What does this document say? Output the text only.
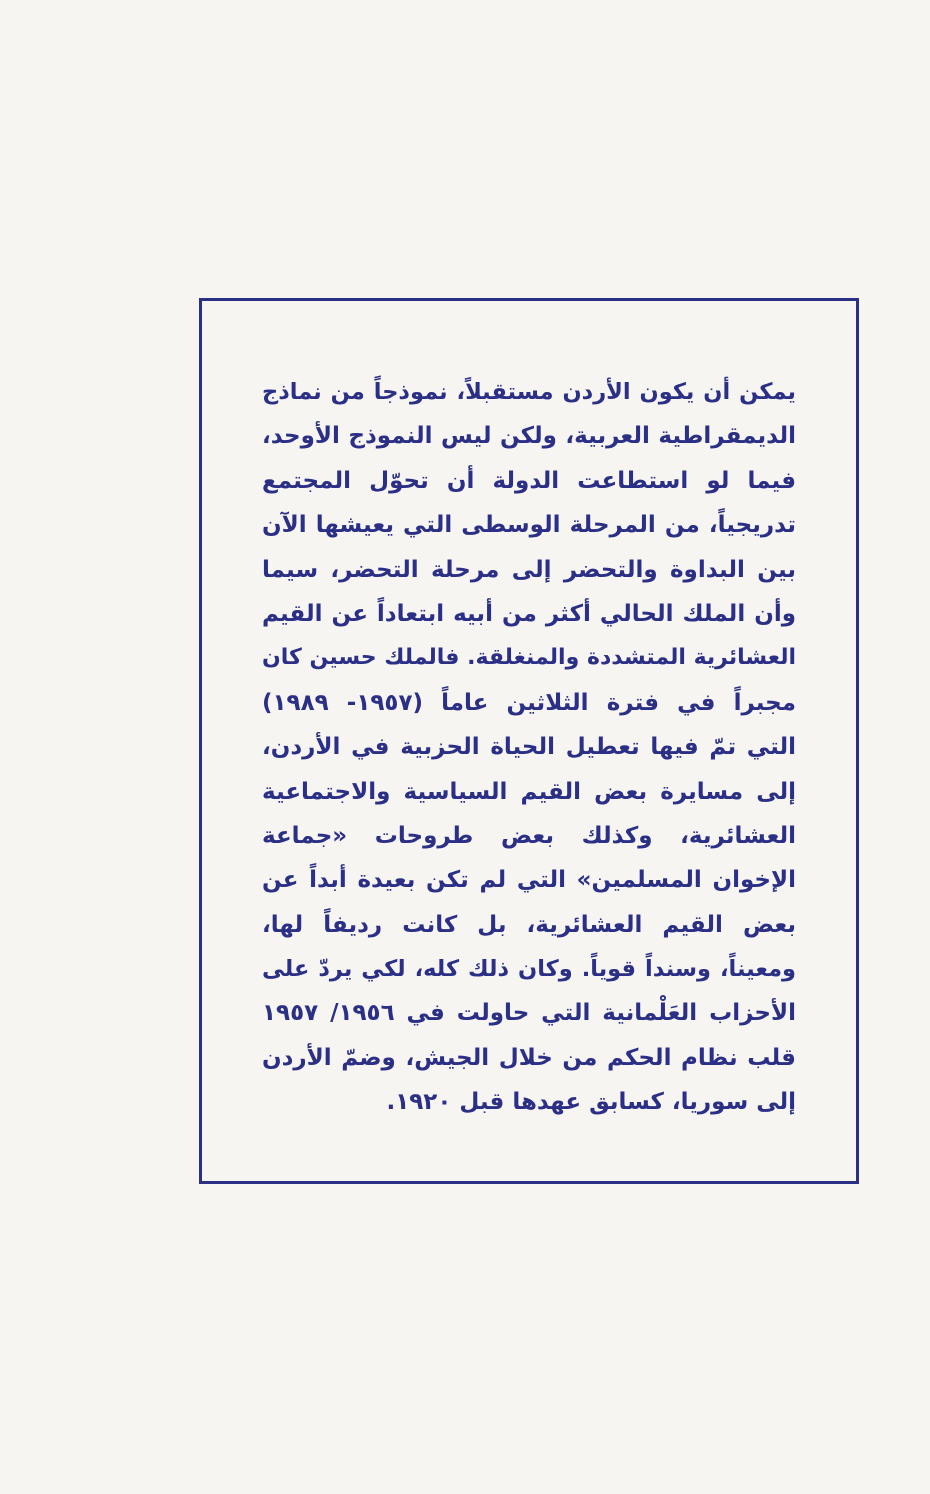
يمكن أن يكون الأردن مستقبلاً، نموذجاً من نماذج
الديمقراطية العربية، ولكن ليس النموذج الأوحد،
فيما لو استطاعت الدولة أن تحوّل المجتمع
تدريجياً، من المرحلة الوسطى التي يعيشها الآن
بين البداوة والتحضر إلى مرحلة التحضر، سيما
وأن الملك الحالي أكثر من أبيه ابتعاداً عن القيم
العشائرية المتشددة والمنغلقة. فالملك حسين كان
مجبراً في فترة الثلاثين عاماً (١٩٥٧- ١٩٨٩)
التي تمّ فيها تعطيل الحياة الحزبية في الأردن،
إلى مسايرة بعض القيم السياسية والاجتماعية
العشائرية، وكذلك بعض طروحات «جماعة
الإخوان المسلمين» التي لم تكن بعيدة أبداً عن
بعض القيم العشائرية، بل كانت رديفاً لها،
ومعيناً، وسنداً قوياً. وكان ذلك كله، لكي يردّ على
الأحزاب العَلْمانية التي حاولت في ١٩٥٦/ ١٩٥٧
قلب نظام الحكم من خلال الجيش، وضمّ الأردن
إلى سوريا، كسابق عهدها قبل ١٩٢٠.
